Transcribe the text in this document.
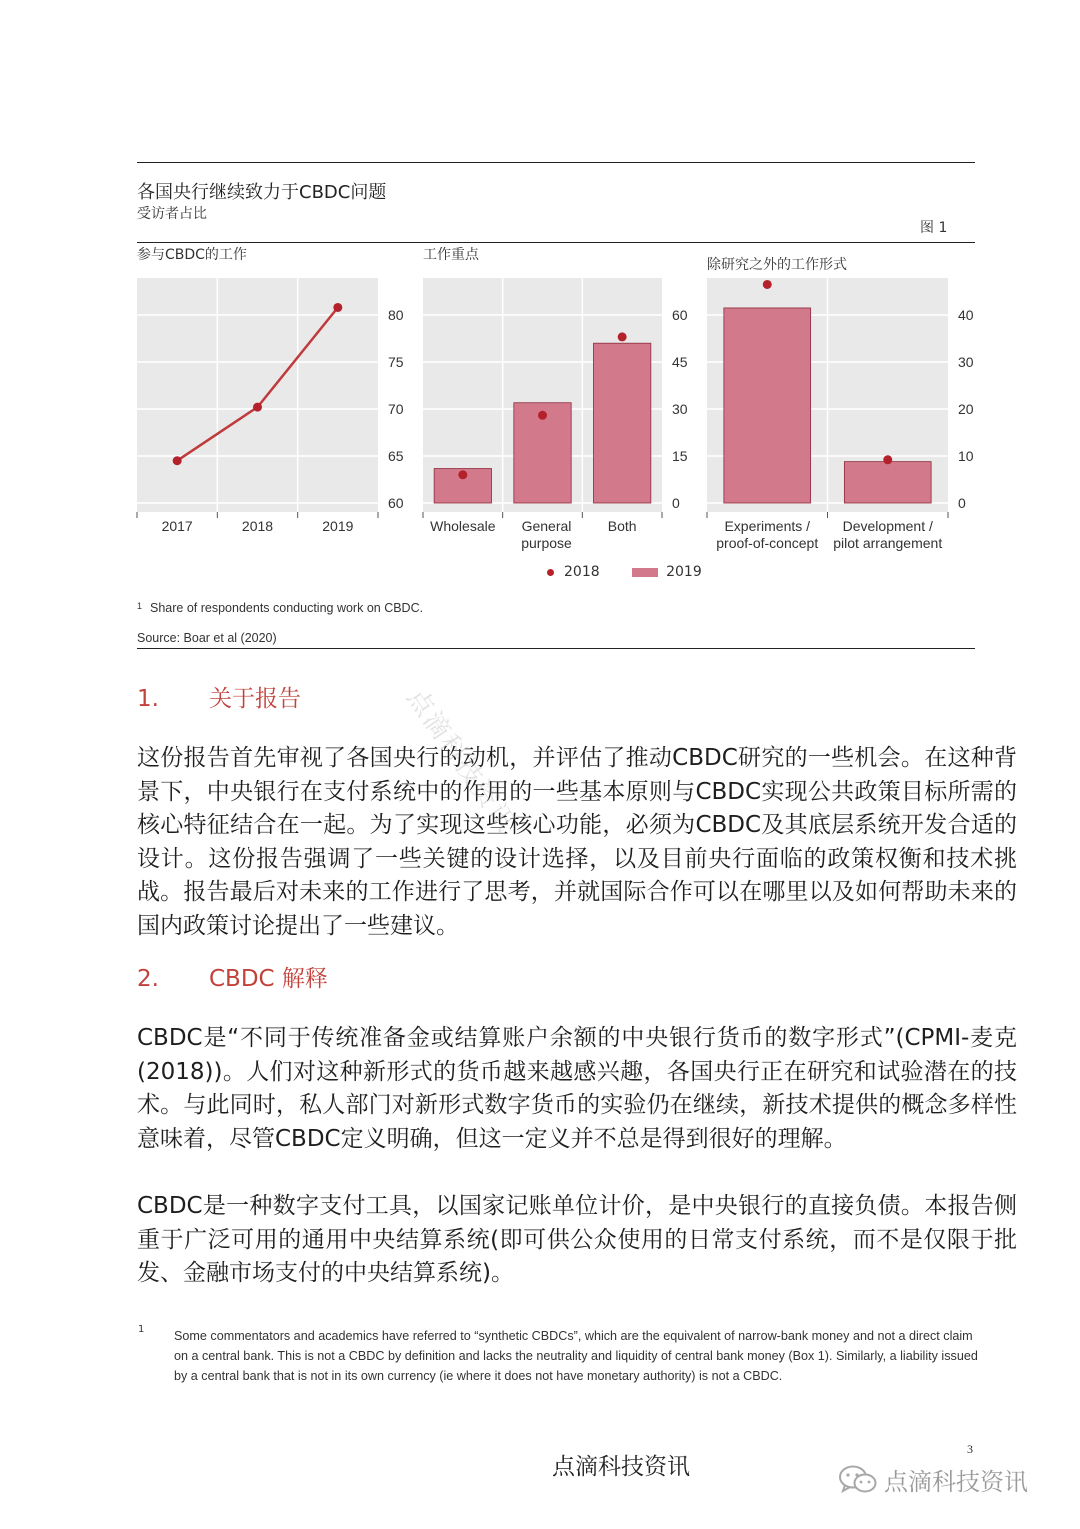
各国央行继续致力于CBDC问题
受访者占比
图 1
参与CBDC的工作	工作重点
除研究之外的工作形式
80
75
70
65
60
2017	2018	2019
60
45
30
15
0
Wholesale General
purpose
Both
40
30
20
10
0
Experiments /
proof-of-concept
Development /
pilot arrangement
2018	2019
$^1$ Share of respondents conducting work on CBDC.
Source: Boar et al (2020)
1. 关于报告
这份报告首先审视了各国央行的动机，并评估了推动CBDC研究的一些机会。在这种背景下，中央银行在支付系统中的作用的一些基本原则与CBDC实现公共政策目标所需的核心特征结合在一起。为了实现这些核心功能，必须为CBDC及其底层系统开发合适的设计。这份报告强调了一些关键的设计选择，以及目前央行面临的政策权衡和技术挑战。报告最后对未来的工作进行了思考，并就国际合作可以在哪里以及如何帮助未来的国内政策讨论提出了一些建议。
2. CBDC 解释
CBDC是“不同于传统准备金或结算账户余额的中央银行货币的数字形式”(CPMI-麦克(2018))。人们对这种新形式的货币越来越感兴趣，各国央行正在研究和试验潜在的技术。与此同时，私人部门对新形式数字货币的实验仍在继续，新技术提供的概念多样性意味着，尽管CBDC定义明确，但这一定义并不总是得到很好的理解。
CBDC是一种数字支付工具，以国家记账单位计价，是中央银行的直接负债。本报告侧重于广泛可用的通用中央结算系统(即可供公众使用的日常支付系统，而不是仅限于批发、金融市场支付的中央结算系统)。
1 Some commentators and academics have referred to “synthetic CBDCs”, which are the equivalent of narrow-bank money and not a direct claim on a central bank. This is not a CBDC by definition and lacks the neutrality and liquidity of central bank money (Box 1). Similarly, a liability issued by a central bank that is not in its own currency (ie where it does not have monetary authority) is not a CBDC.
3
点滴科技资讯
点滴科技资讯
点滴科技资讯
